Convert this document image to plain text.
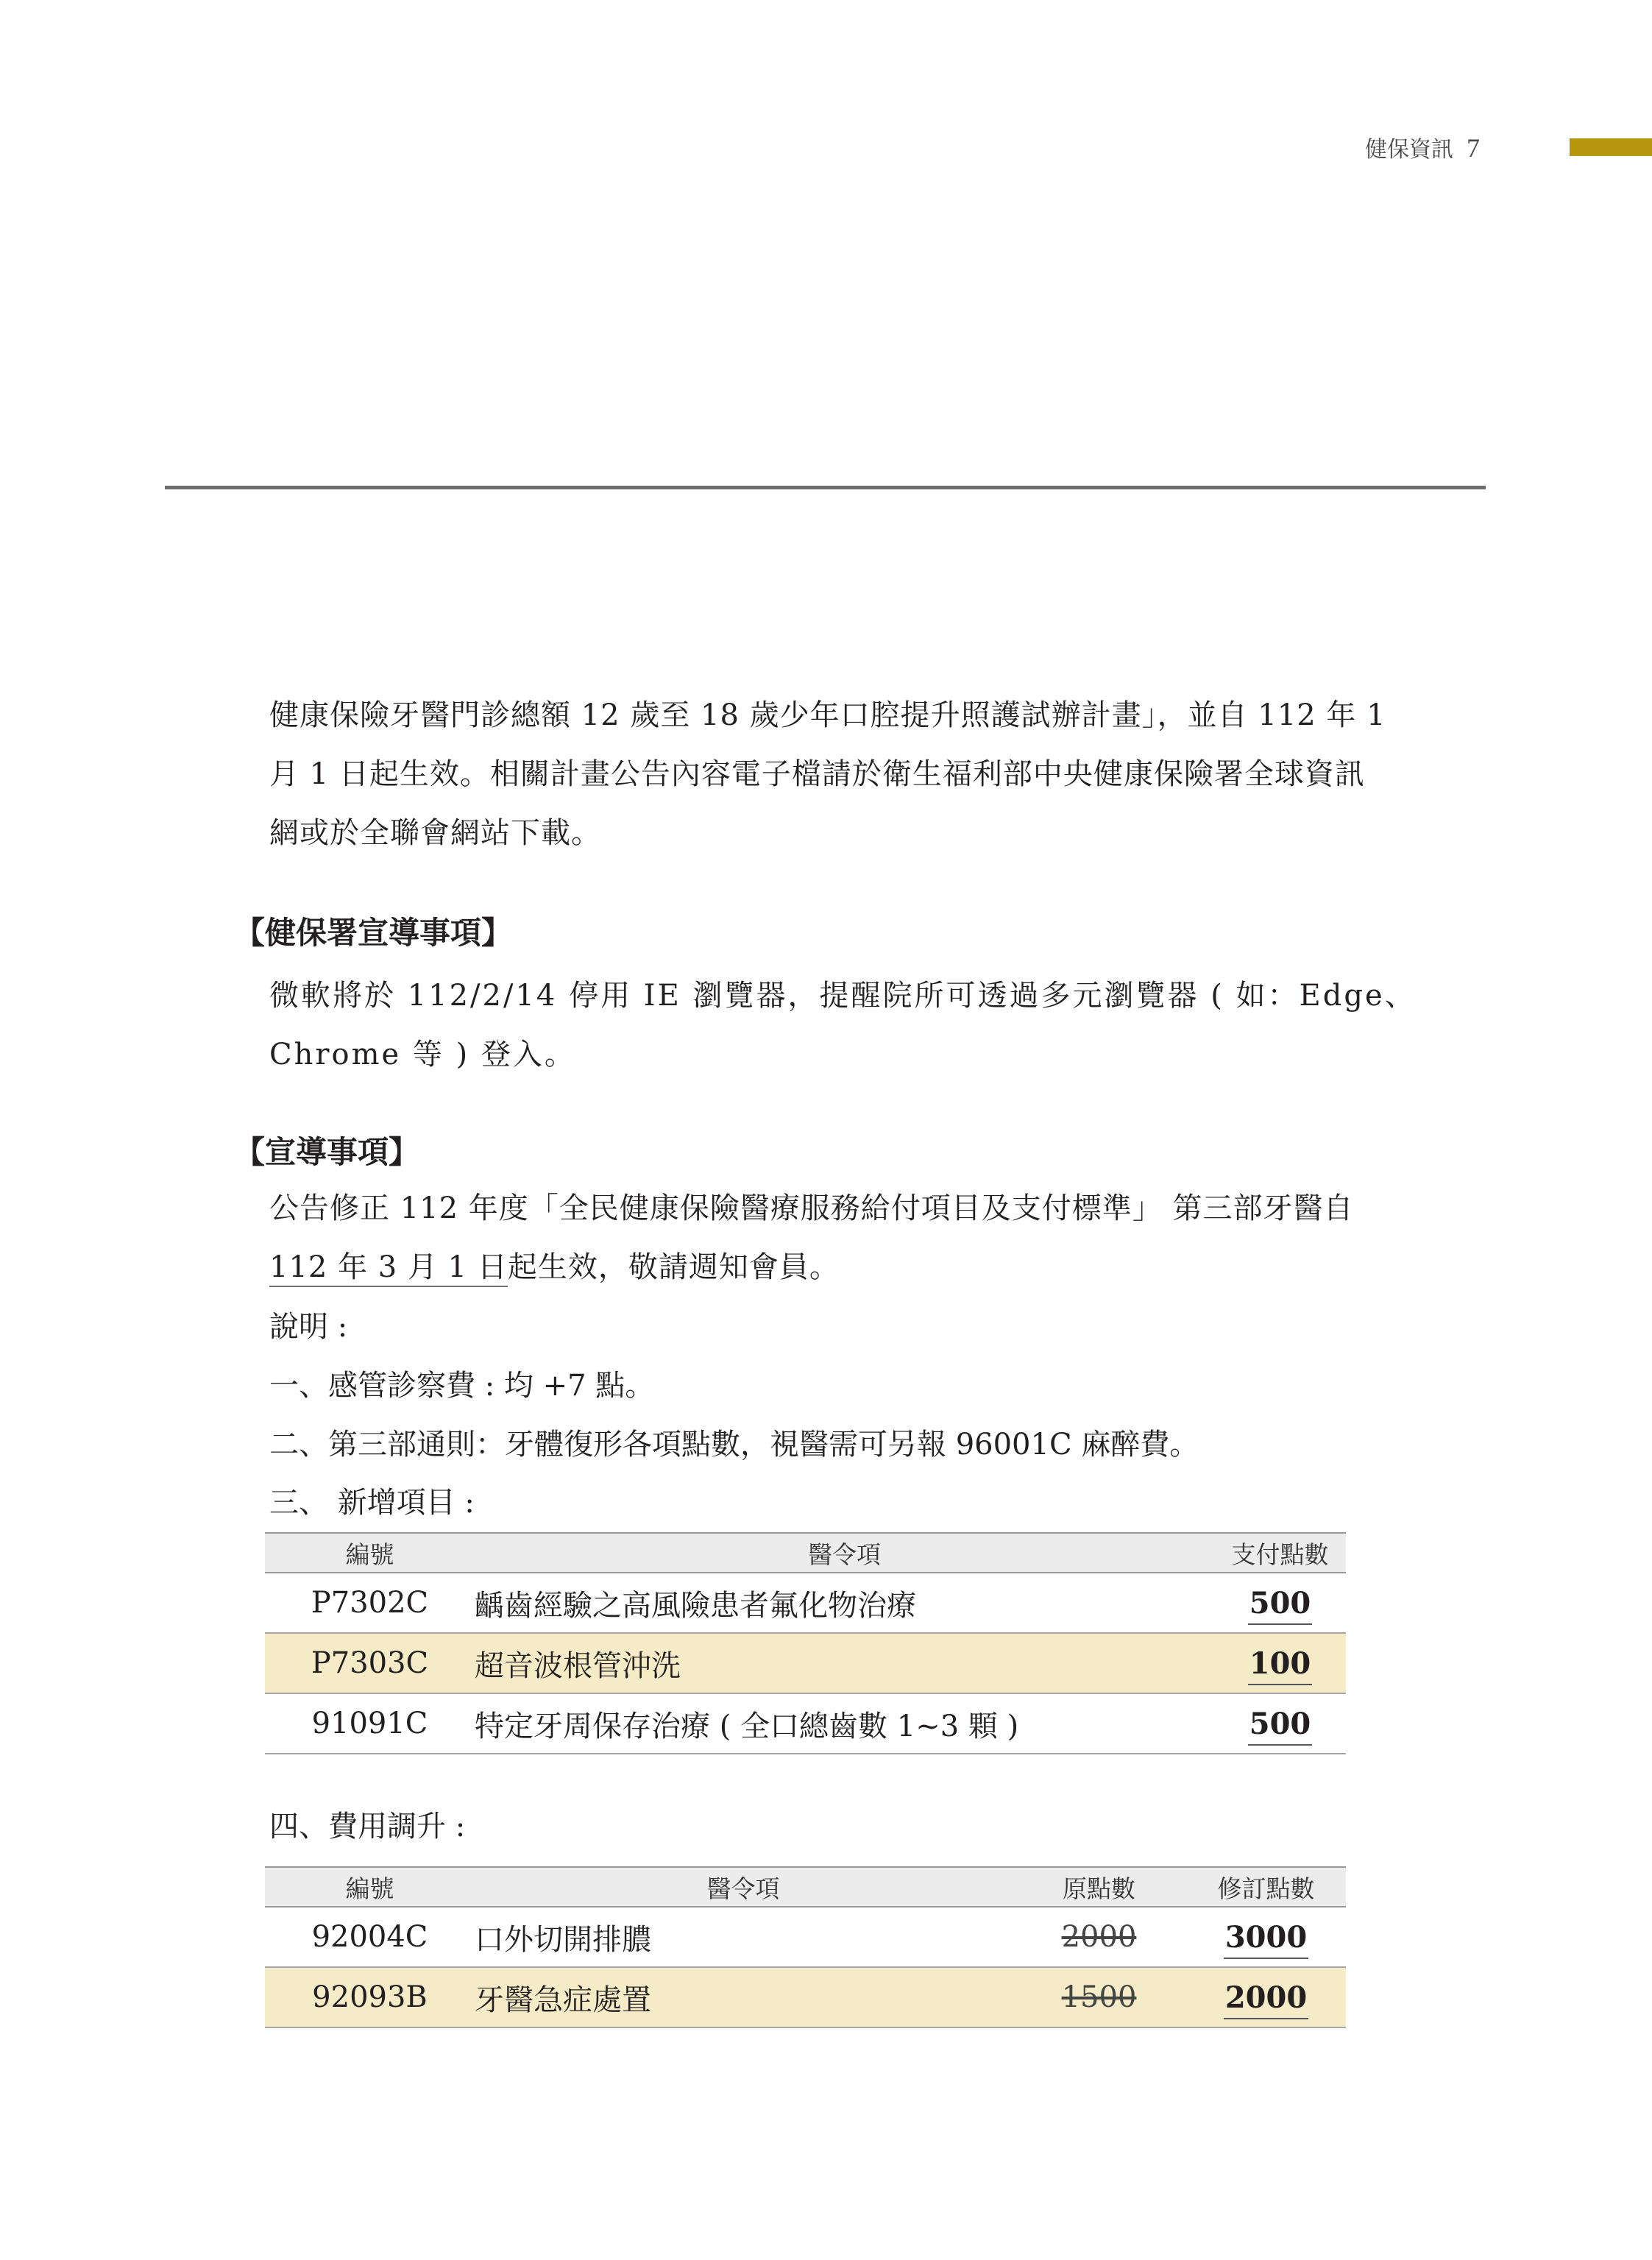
健保資訊 7

健康保險牙醫門診總額 12 歲至 18 歲少年口腔提升照護試辦計畫」，並自 112 年 1
月 1 日起生效。相關計畫公告內容電子檔請於衛生福利部中央健康保險署全球資訊
網或於全聯會網站下載。

【健保署宣導事項】

微軟將於 112/2/14 停用 IE 瀏覽器，提醒院所可透過多元瀏覽器 ( 如：Edge、
Chrome 等 ) 登入。

【宣導事項】

公告修正 112 年度「全民健康保險醫療服務給付項目及支付標準」 第三部牙醫自
112 年 3 月 1 日起生效，敬請週知會員。

說明 :

一、感管診察費 : 均 +7 點。

二、第三部通則：牙體復形各項點數，視醫需可另報 96001C 麻醉費。

三、 新增項目 :

編號	醫令項	支付點數
P7302C	齲齒經驗之高風險患者氟化物治療	500
P7303C	超音波根管沖洗	100
91091C	特定牙周保存治療 ( 全口總齒數 1~3 顆 )	500

四、費用調升 :

編號	醫令項	原點數	修訂點數
92004C	口外切開排膿	2000	3000
92093B	牙醫急症處置	1500	2000
